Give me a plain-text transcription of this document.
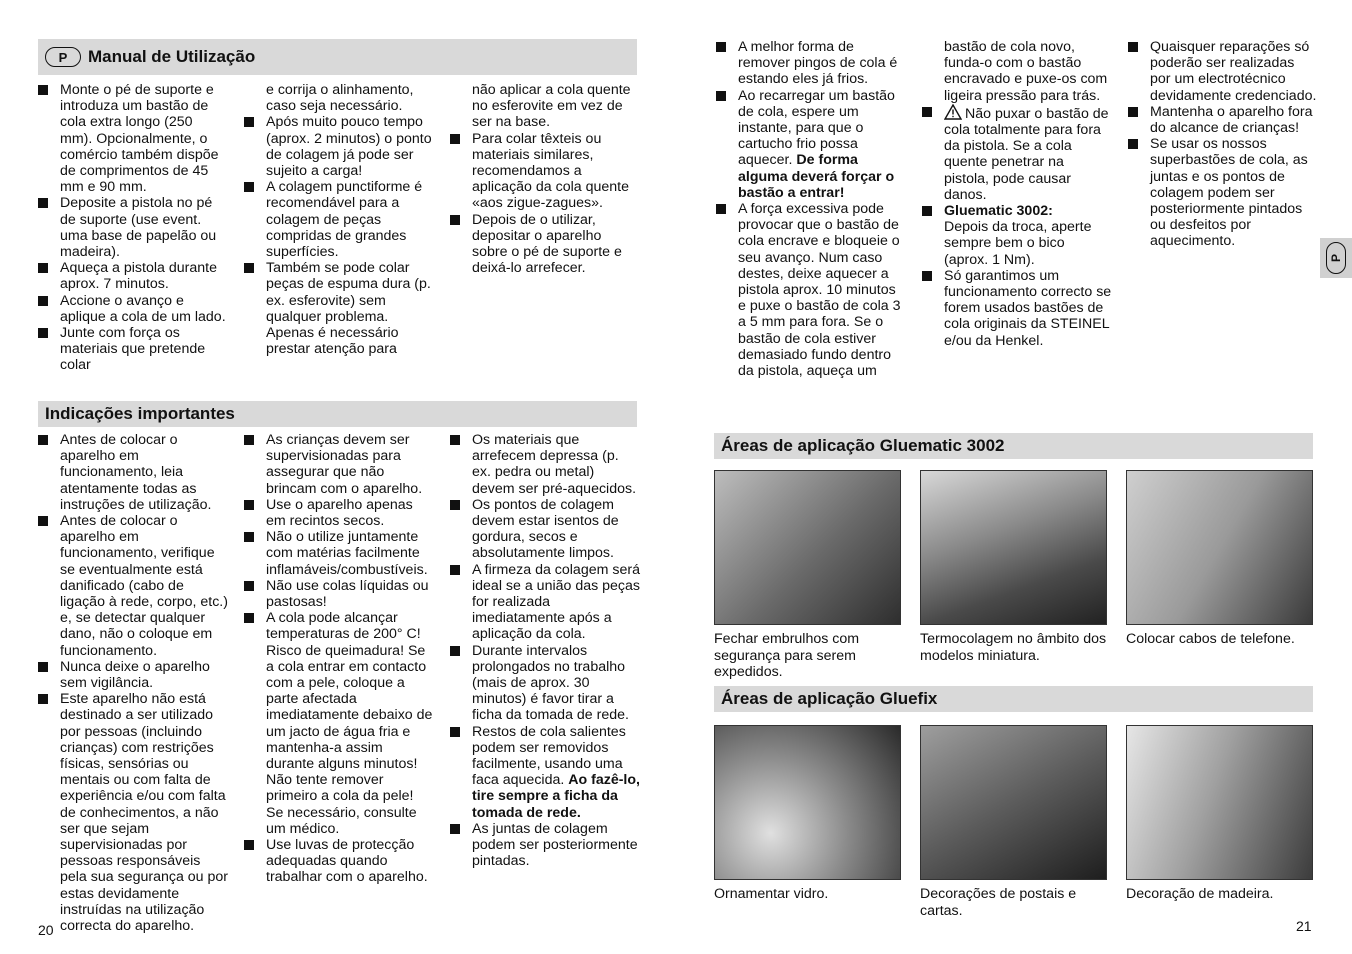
P	Manual de Utilização
Monte o pé de suporte e introduza um bastão de cola extra longo (250 mm). Opcionalmente, o comércio também dispõe de comprimentos de 45 mm e 90 mm.
Deposite a pistola no pé de suporte (use event. uma base de papelão ou madeira).
Aqueça a pistola durante aprox. 7 minutos.
Accione o avanço e aplique a cola de um lado.
Junte com força os materiais que pretende colar
e corrija o alinhamento, caso seja necessário.
Após muito pouco tempo (aprox. 2 minutos) o ponto de colagem já pode ser sujeito a carga!
A colagem punctiforme é recomendável para a colagem de peças compridas de grandes superfícies.
Também se pode colar peças de espuma dura (p. ex. esferovite) sem qualquer problema. Apenas é necessário prestar atenção para
não aplicar a cola quente no esferovite em vez de ser na base.
Para colar têxteis ou materiais similares, recomendamos a aplicação da cola quente «aos zigue-zagues».
Depois de o utilizar, depositar o aparelho sobre o pé de suporte e deixá-lo arrefecer.
Indicações importantes
Antes de colocar o aparelho em funcionamento, leia atentamente todas as instruções de utilização.
Antes de colocar o aparelho em funcionamento, verifique se eventualmente está danificado (cabo de ligação à rede, corpo, etc.) e, se detectar qualquer dano, não o coloque em funcionamento.
Nunca deixe o aparelho sem vigilância.
Este aparelho não está destinado a ser utilizado por pessoas (incluindo crianças) com restrições físicas, sensórias ou mentais ou com falta de experiência e/ou com falta de conhecimentos, a não ser que sejam supervisionadas por pessoas responsáveis pela sua segurança ou por estas devidamente instruídas na utilização correcta do aparelho.
As crianças devem ser supervisionadas para assegurar que não brincam com o aparelho.
Use o aparelho apenas em recintos secos.
Não o utilize juntamente com matérias facilmente inflamáveis/combustíveis.
Não use colas líquidas ou pastosas!
A cola pode alcançar temperaturas de 200° C! Risco de queimadura! Se a cola entrar em contacto com a pele, coloque a parte afectada imediatamente debaixo de um jacto de água fria e mantenha-a assim durante alguns minutos! Não tente remover primeiro a cola da pele! Se necessário, consulte um médico.
Use luvas de protecção adequadas quando trabalhar com o aparelho.
Os materiais que arrefecem depressa (p. ex. pedra ou metal) devem ser pré-aquecidos.
Os pontos de colagem devem estar isentos de gordura, secos e absolutamente limpos.
A firmeza da colagem será ideal se a união das peças for realizada imediatamente após a aplicação da cola.
Durante intervalos prolongados no trabalho (mais de aprox. 30 minutos) é favor tirar a ficha da tomada de rede.
Restos de cola salientes podem ser removidos facilmente, usando uma faca aquecida. Ao fazê-lo, tire sempre a ficha da tomada de rede.
As juntas de colagem podem ser posteriormente pintadas.
20
A melhor forma de remover pingos de cola é estando eles já frios.
Ao recarregar um bastão de cola, espere um instante, para que o cartucho frio possa aquecer. De forma alguma deverá forçar o bastão a entrar!
A força excessiva pode provocar que o bastão de cola encrave e bloqueie o seu avanço. Num caso destes, deixe aquecer a pistola aprox. 10 minutos e puxe o bastão de cola 3 a 5 mm para fora. Se o bastão de cola estiver demasiado fundo dentro da pistola, aqueça um
bastão de cola novo, funda-o com o bastão encravado e puxe-os com ligeira pressão para trás.
Não puxar o bastão de cola totalmente para fora da pistola. Se a cola quente penetrar na pistola, pode causar danos.
Gluematic 3002:
Depois da troca, aperte sempre bem o bico (aprox. 1 Nm).
Só garantimos um funcionamento correcto se forem usados bastões de cola originais da STEINEL e/ou da Henkel.
Quaisquer reparações só poderão ser realizadas por um electrotécnico devidamente credenciado.
Mantenha o aparelho fora do alcance de crianças!
Se usar os nossos superbastões de cola, as juntas e os pontos de colagem podem ser posteriormente pintados ou desfeitos por aquecimento.
P
Áreas de aplicação Gluematic 3002
Fechar embrulhos com segurança para serem expedidos.
Termocolagem no âmbito dos modelos miniatura.
Colocar cabos de telefone.
Áreas de aplicação Gluefix
Ornamentar vidro.	Decorações de postais e cartas.
Decoração de madeira.
21
